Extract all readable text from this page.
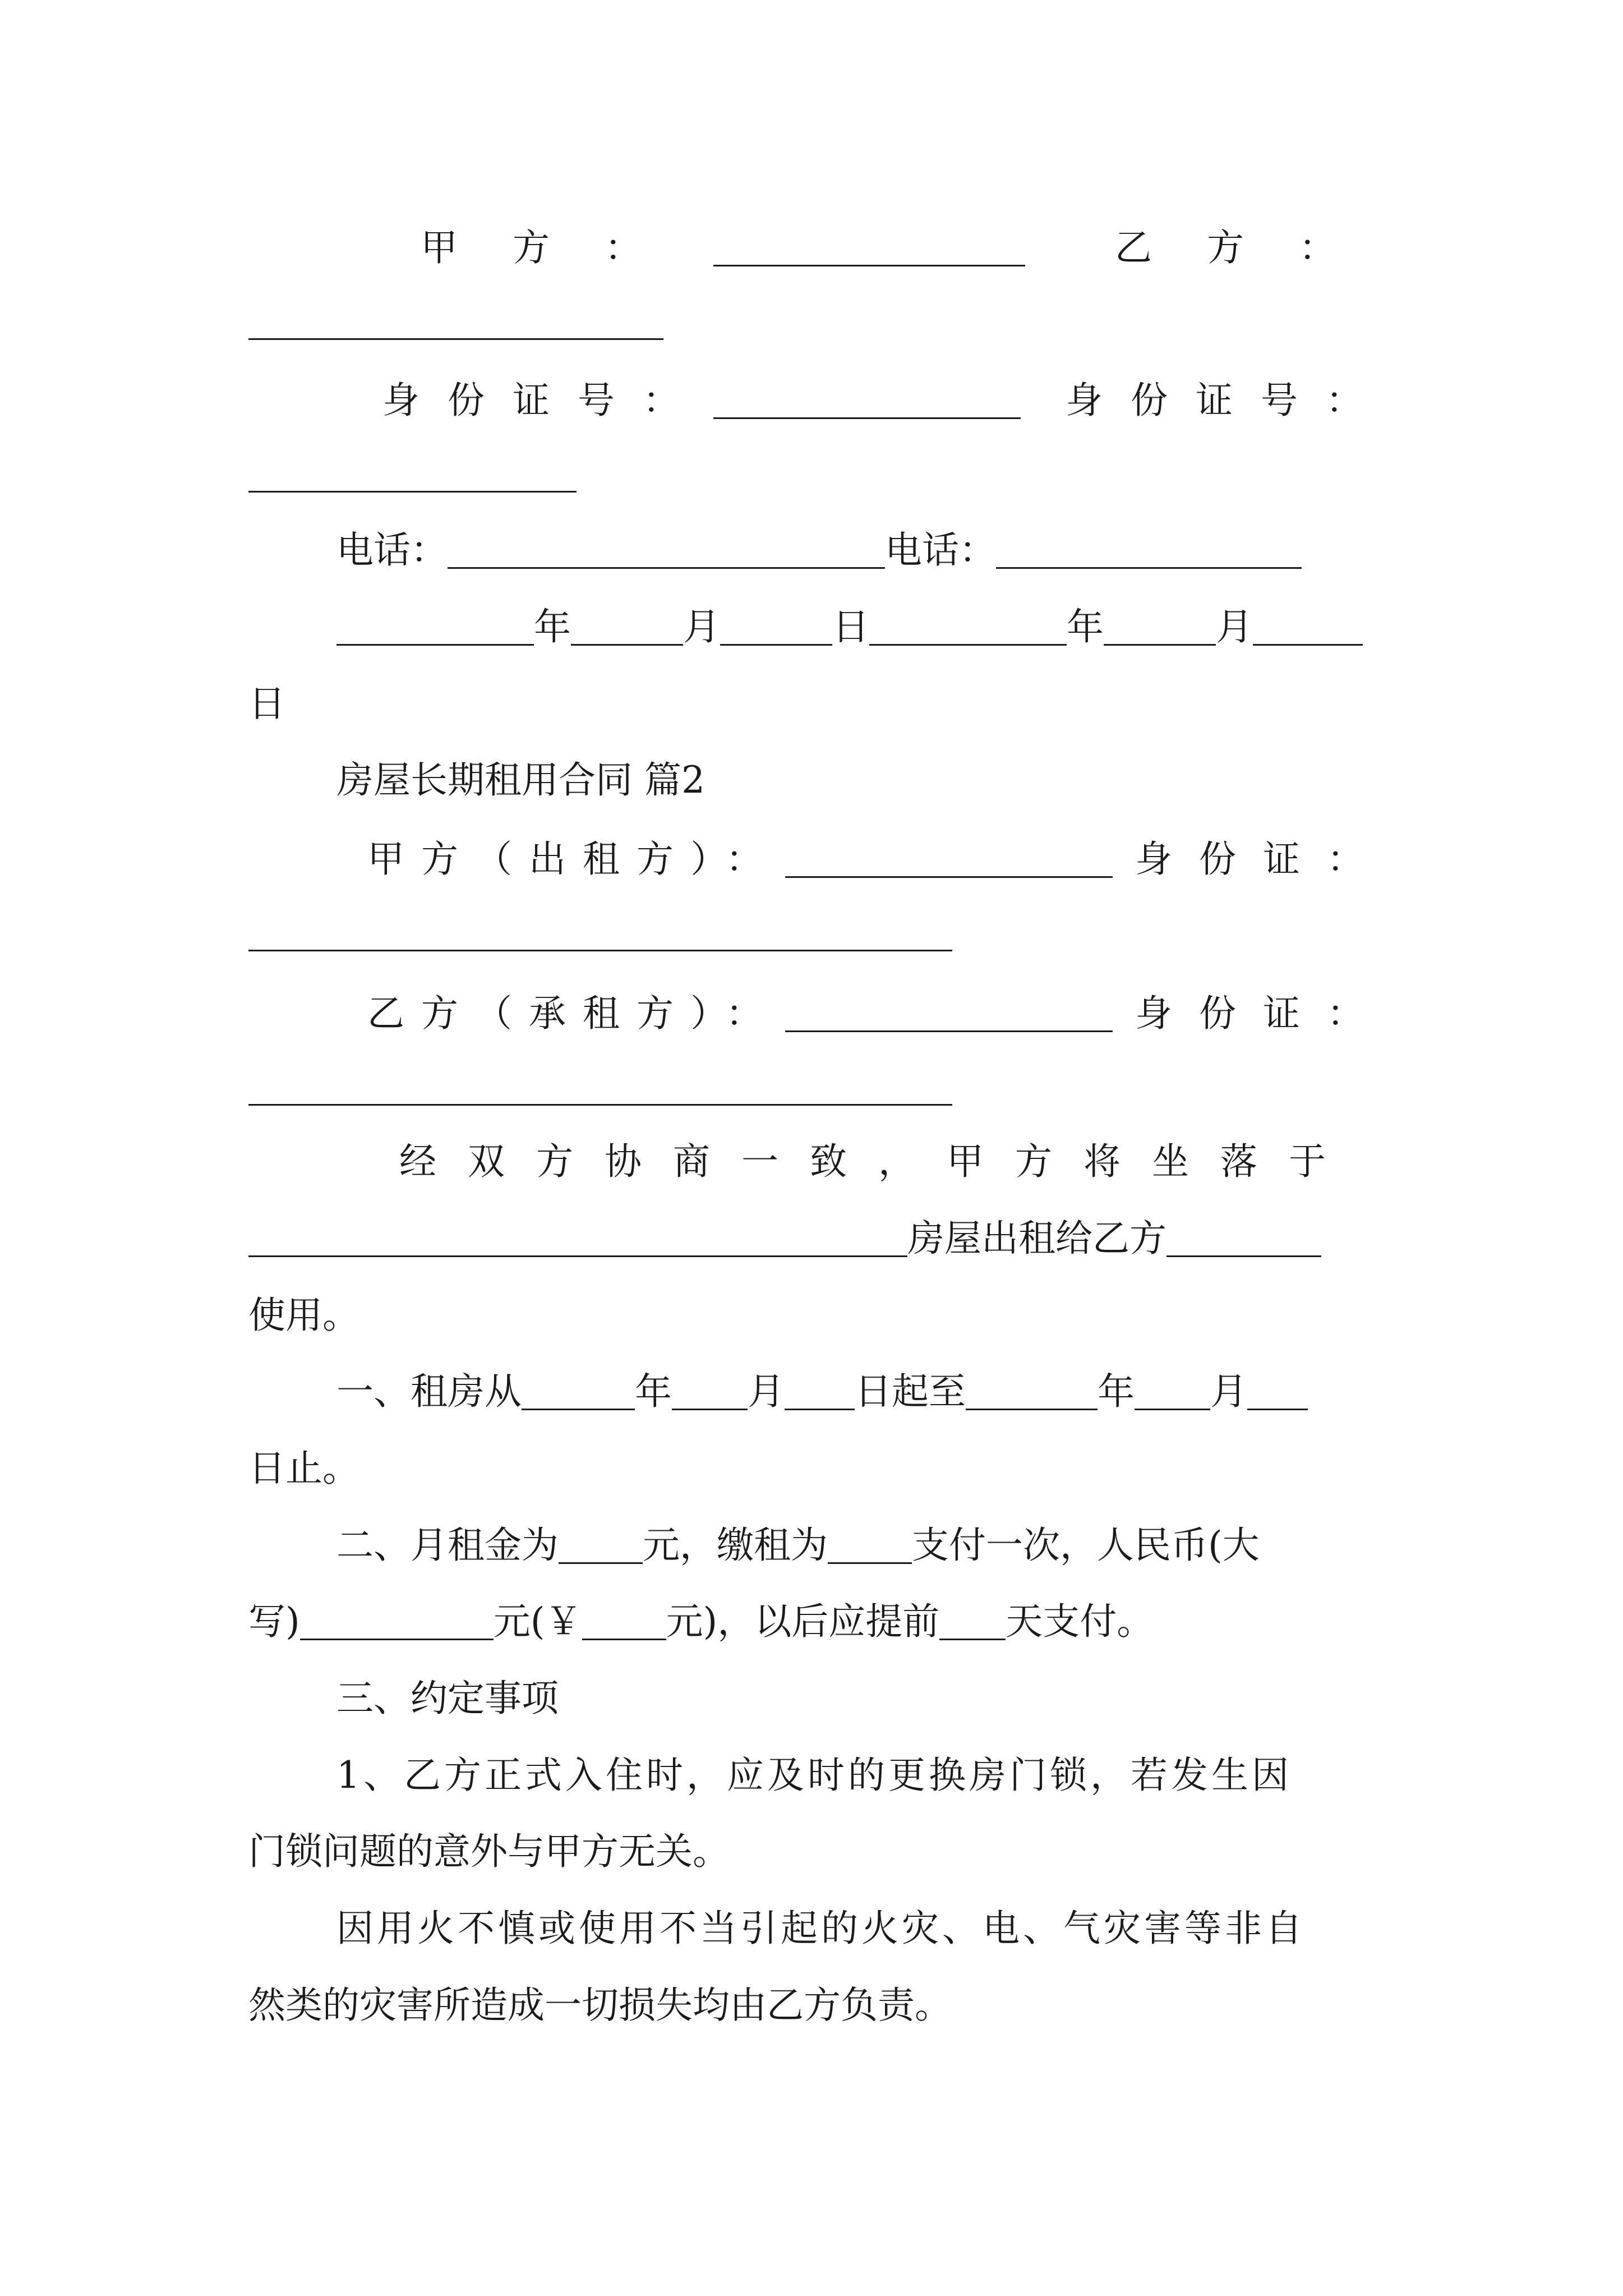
甲方：	乙方：
身份证号：	身份证号：
电话：	电话：
年	月	日	年	月
日
房屋长期租用合同 篇2
甲方（出租方）：	身份证：
乙方（承租方）：	身份证：
经双方协商一致，甲方将坐落于
房屋出租给乙方
使用。
一、租房从	年 月 日起至	年 月
日止。
二、月租金为 元，缴租为 支付一次，人民币(大
写)	元(￥ 元)，以后应提前 天支付。
三、约定事项
1、乙方正式入住时，应及时的更换房门锁，若发生因
门锁问题的意外与甲方无关。
因用火不慎或使用不当引起的火灾、电、气灾害等非自
然类的灾害所造成一切损失均由乙方负责。
